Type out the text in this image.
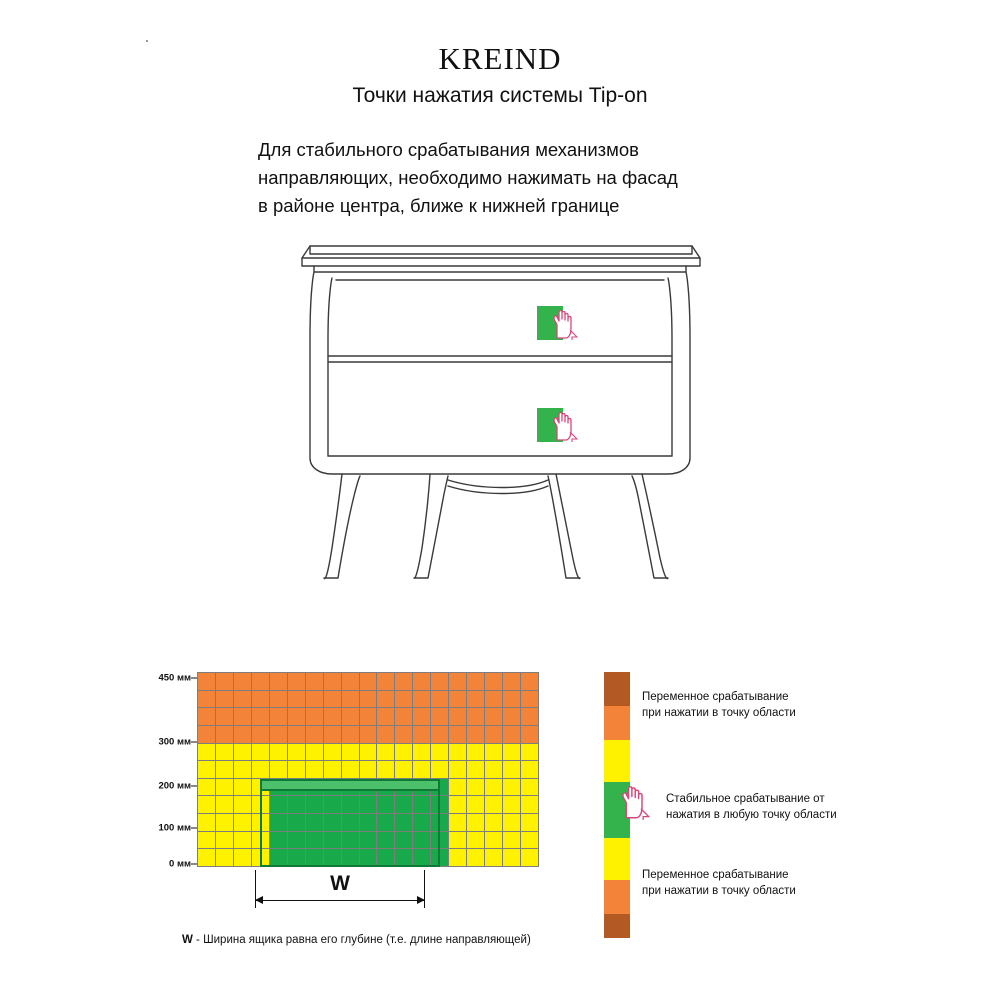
KREIND
Точки нажатия системы Tip-on
Для стабильного срабатывания механизмов
направляющих, необходимо нажимать на фасад
в районе центра, ближе к нижней границе
450 мм
300 мм
200 мм
100 мм
0 мм
W
W - Ширина ящика равна его глубине (т.е. длине направляющей)
Переменное срабатывание
при нажатии в точку области
Стабильное срабатывание от
нажатия в любую точку области
Переменное срабатывание
при нажатии в точку области
